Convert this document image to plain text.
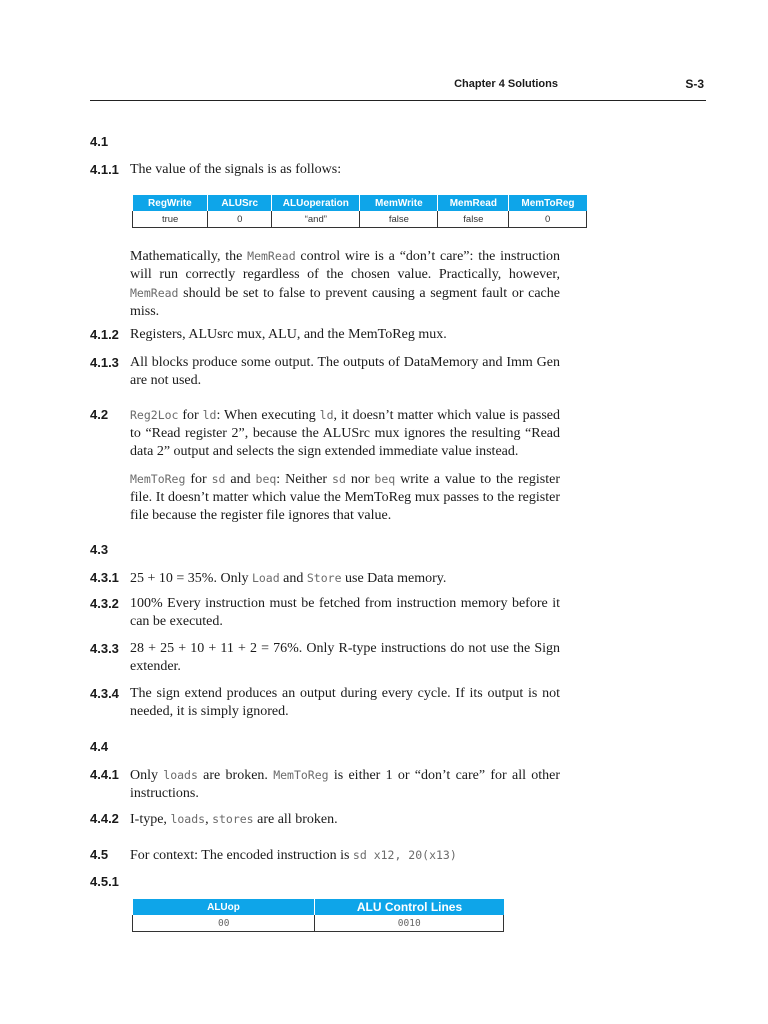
Chapter 4 Solutions	S-3
4.1
4.1.1 The value of the signals is as follows:
RegWrite	ALUSrc	ALUoperation	MemWrite	MemRead	MemToReg
true	0	“and”	false	false	0
Mathematically, the MemRead control wire is a “don’t care”: the instruction will run correctly regardless of the chosen value. Practically, however, MemRead should be set to false to prevent causing a segment fault or cache miss.
4.1.2 Registers, ALUsrc mux, ALU, and the MemToReg mux.
4.1.3 All blocks produce some output. The outputs of DataMemory and Imm Gen are not used.
4.2 Reg2Loc for ld: When executing ld, it doesn’t matter which value is passed to “Read register 2”, because the ALUSrc mux ignores the resulting “Read data 2” output and selects the sign extended immediate value instead.
MemToReg for sd and beq: Neither sd nor beq write a value to the register file. It doesn’t matter which value the MemToReg mux passes to the register file because the register file ignores that value.
4.3
4.3.1 25 + 10 = 35%. Only Load and Store use Data memory.
4.3.2 100% Every instruction must be fetched from instruction memory before it can be executed.
4.3.3 28 + 25 + 10 + 11 + 2 = 76%. Only R-type instructions do not use the Sign extender.
4.3.4 The sign extend produces an output during every cycle. If its output is not needed, it is simply ignored.
4.4
4.4.1 Only loads are broken. MemToReg is either 1 or “don’t care” for all other instructions.
4.4.2 I-type, loads, stores are all broken.
4.5 For context: The encoded instruction is sd x12, 20(x13)
4.5.1
ALUop	ALU Control Lines
00	0010
